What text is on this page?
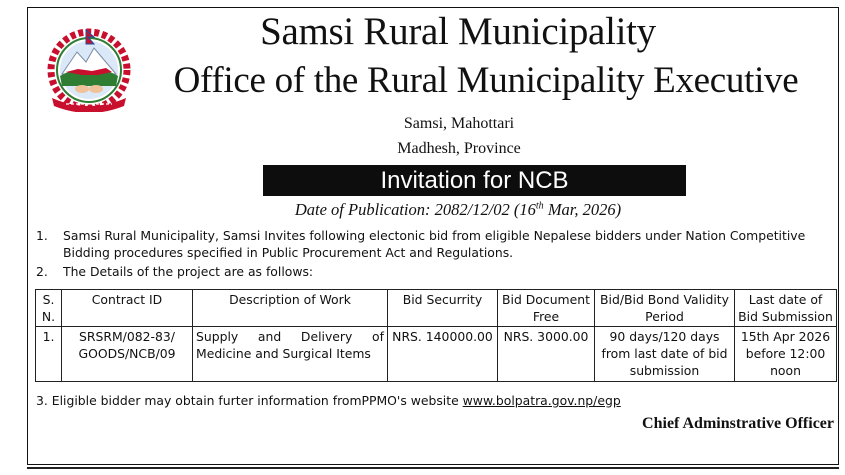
Samsi Rural Municipality
Office of the Rural Municipality Executive
Samsi, Mahottari
Madhesh, Province
Invitation for NCB
Date of Publication: 2082/12/02 (16th Mar, 2026)
1. Samsi Rural Municipality, Samsi Invites following electonic bid from eligible Nepalese bidders under Nation Competitive Bidding procedures specified in Public Procurement Act and Regulations.
2. The Details of the project are as follows:
S. N.	Contract ID	Description of Work	Bid Securrity	Bid Document Free	Bid/Bid Bond Validity Period	Last date of Bid Submission
1.	SRSRM/082-83/ GOODS/NCB/09	Supply and Delivery of Medicine and Surgical Items	NRS. 140000.00	NRS. 3000.00	90 days/120 days from last date of bid submission	15th Apr 2026 before 12:00 noon
3. Eligible bidder may obtain furter information fromPPMO's website www.bolpatra.gov.np/egp
Chief Adminstrative Officer
